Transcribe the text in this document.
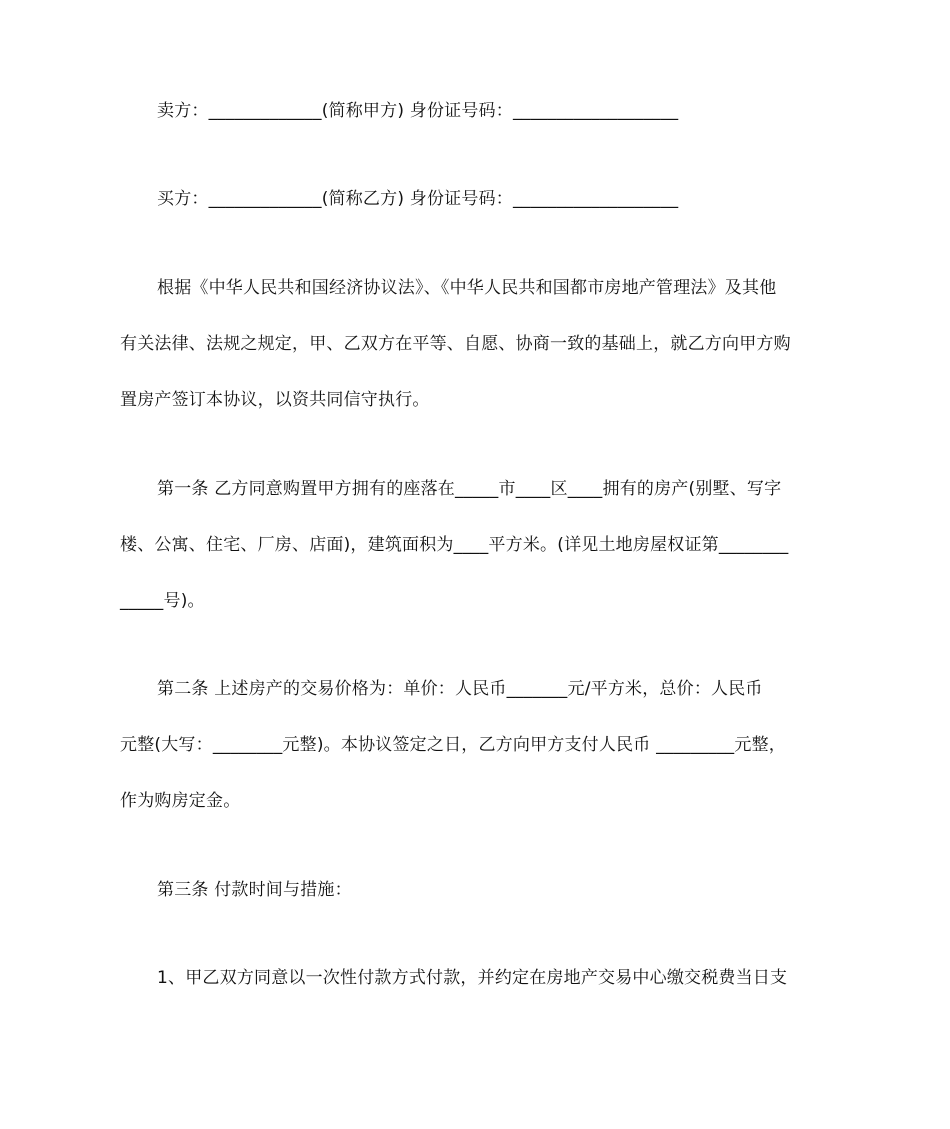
卖方：_____________(简称甲方) 身份证号码：___________________
买方：_____________(简称乙方) 身份证号码：___________________
根据《中华人民共和国经济协议法》、《中华人民共和国都市房地产管理法》及其他
有关法律、法规之规定，甲、乙双方在平等、自愿、协商一致的基础上，就乙方向甲方购
置房产签订本协议，以资共同信守执行。
第一条 乙方同意购置甲方拥有的座落在_____市____区____拥有的房产(别墅、写字
楼、公寓、住宅、厂房、店面)，建筑面积为____平方米。(详见土地房屋权证第________
_____号)。
第二条 上述房产的交易价格为：单价：人民币_______元/平方米，总价：人民币
元整(大写：________元整)。本协议签定之日，乙方向甲方支付人民币 _________元整，
作为购房定金。
第三条 付款时间与措施：
1、甲乙双方同意以一次性付款方式付款，并约定在房地产交易中心缴交税费当日支
